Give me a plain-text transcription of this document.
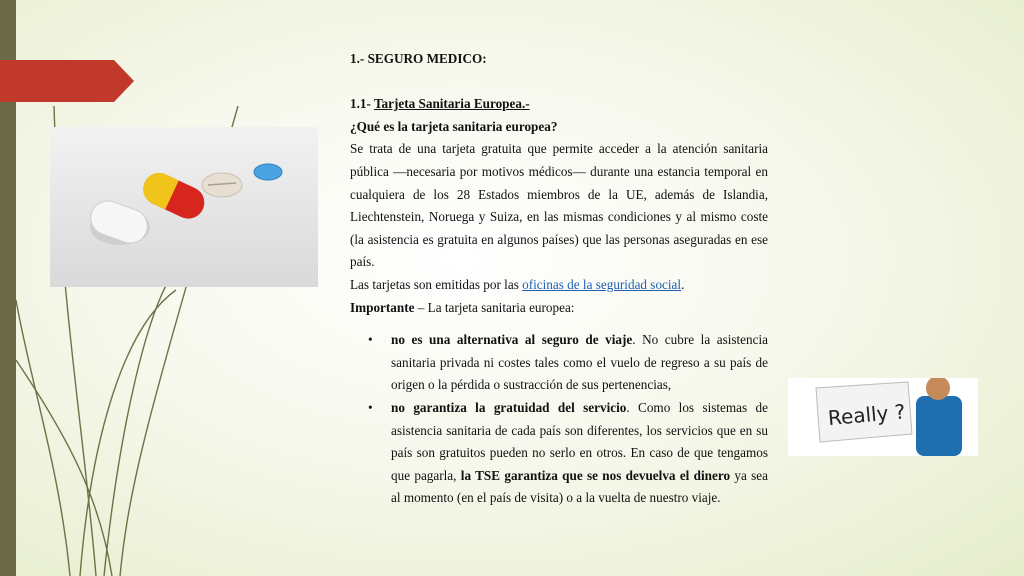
Really ?

1.- SEGURO MEDICO:

1.1- Tarjeta Sanitaria Europea.-

¿Qué es la tarjeta sanitaria europea?

Se trata de una tarjeta gratuita que permite acceder a la atención sanitaria pública —necesaria por motivos médicos— durante una estancia temporal en cualquiera de los 28 Estados miembros de la UE, además de Islandia, Liechtenstein, Noruega y Suiza, en las mismas condiciones y al mismo coste (la asistencia es gratuita en algunos países) que las personas aseguradas en ese país.

Las tarjetas son emitidas por las oficinas de la seguridad social.

Importante – La tarjeta sanitaria europea:

• no es una alternativa al seguro de viaje. No cubre la asistencia sanitaria privada ni costes tales como el vuelo de regreso a su país de origen o la pérdida o sustracción de sus pertenencias,
• no garantiza la gratuidad del servicio. Como los sistemas de asistencia sanitaria de cada país son diferentes, los servicios que en su país son gratuitos pueden no serlo en otros. En caso de que tengamos que pagarla, la TSE garantiza que se nos devuelva el dinero ya sea al momento (en el país de visita) o a la vuelta de nuestro viaje.
